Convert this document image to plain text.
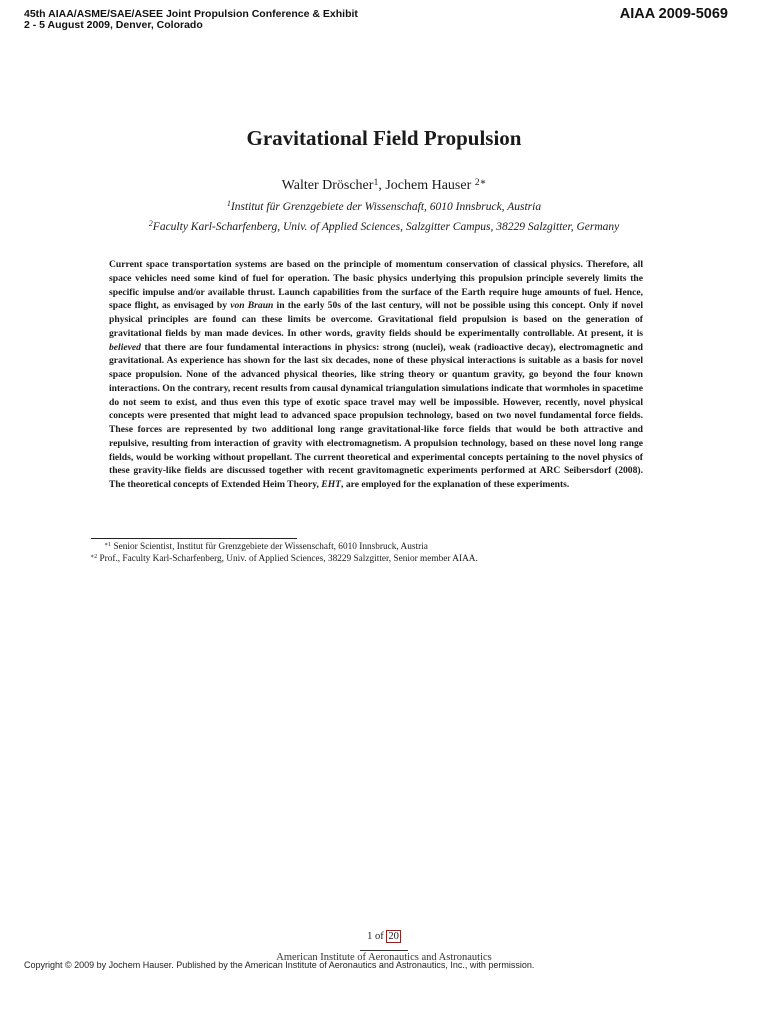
45th AIAA/ASME/SAE/ASEE Joint Propulsion Conference & Exhibit
2 - 5 August 2009, Denver, Colorado
AIAA 2009-5069
Gravitational Field Propulsion
Walter Dröscher$^1$, Jochem Hauser $^{2∗}$
$^1$Institut für Grenzgebiete der Wissenschaft, 6010 Innsbruck, Austria
$^2$Faculty Karl-Scharfenberg, Univ. of Applied Sciences, Salzgitter Campus, 38229 Salzgitter, Germany

Current space transportation systems are based on the principle of momentum conservation of classical physics. Therefore, all space vehicles need some kind of fuel for operation. The basic physics underlying this propulsion principle severely limits the specific impulse and/or available thrust. Launch capabilities from the surface of the Earth require huge amounts of fuel. Hence, space flight, as envisaged by von Braun in the early 50s of the last century, will not be possible using this concept. Only if novel physical principles are found can these limits be overcome. Gravitational field propulsion is based on the generation of gravitational fields by man made devices. In other words, gravity fields should be experimentally controllable. At present, it is believed that there are four fundamental interactions in physics: strong (nuclei), weak (radioactive decay), electromagnetic and gravitational. As experience has shown for the last six decades, none of these physical interactions is suitable as a basis for novel space propulsion. None of the advanced physical theories, like string theory or quantum gravity, go beyond the four known interactions. On the contrary, recent results from causal dynamical triangulation simulations indicate that wormholes in spacetime do not seem to exist, and thus even this type of exotic space travel may well be impossible. However, recently, novel physical concepts were presented that might lead to advanced space propulsion technology, based on two novel fundamental force fields. These forces are represented by two additional long range gravitational-like force fields that would be both attractive and repulsive, resulting from interaction of gravity with electromagnetism. A propulsion technology, based on these novel long range fields, would be working without propellant. The current theoretical and experimental concepts pertaining to the novel physics of these gravity-like fields are discussed together with recent gravitomagnetic experiments performed at ARC Seibersdorf (2008). The theoretical concepts of Extended Heim Theory, EHT, are employed for the explanation of these experiments.

$^{∗1}$ Senior Scientist, Institut für Grenzgebiete der Wissenschaft, 6010 Innsbruck, Austria
$^{∗2}$ Prof., Faculty Karl-Scharfenberg, Univ. of Applied Sciences, 38229 Salzgitter, Senior member AIAA.
1 of 20
American Institute of Aeronautics and Astronautics
Copyright © 2009 by Jochem Hauser. Published by the American Institute of Aeronautics and Astronautics, Inc., with permission.
